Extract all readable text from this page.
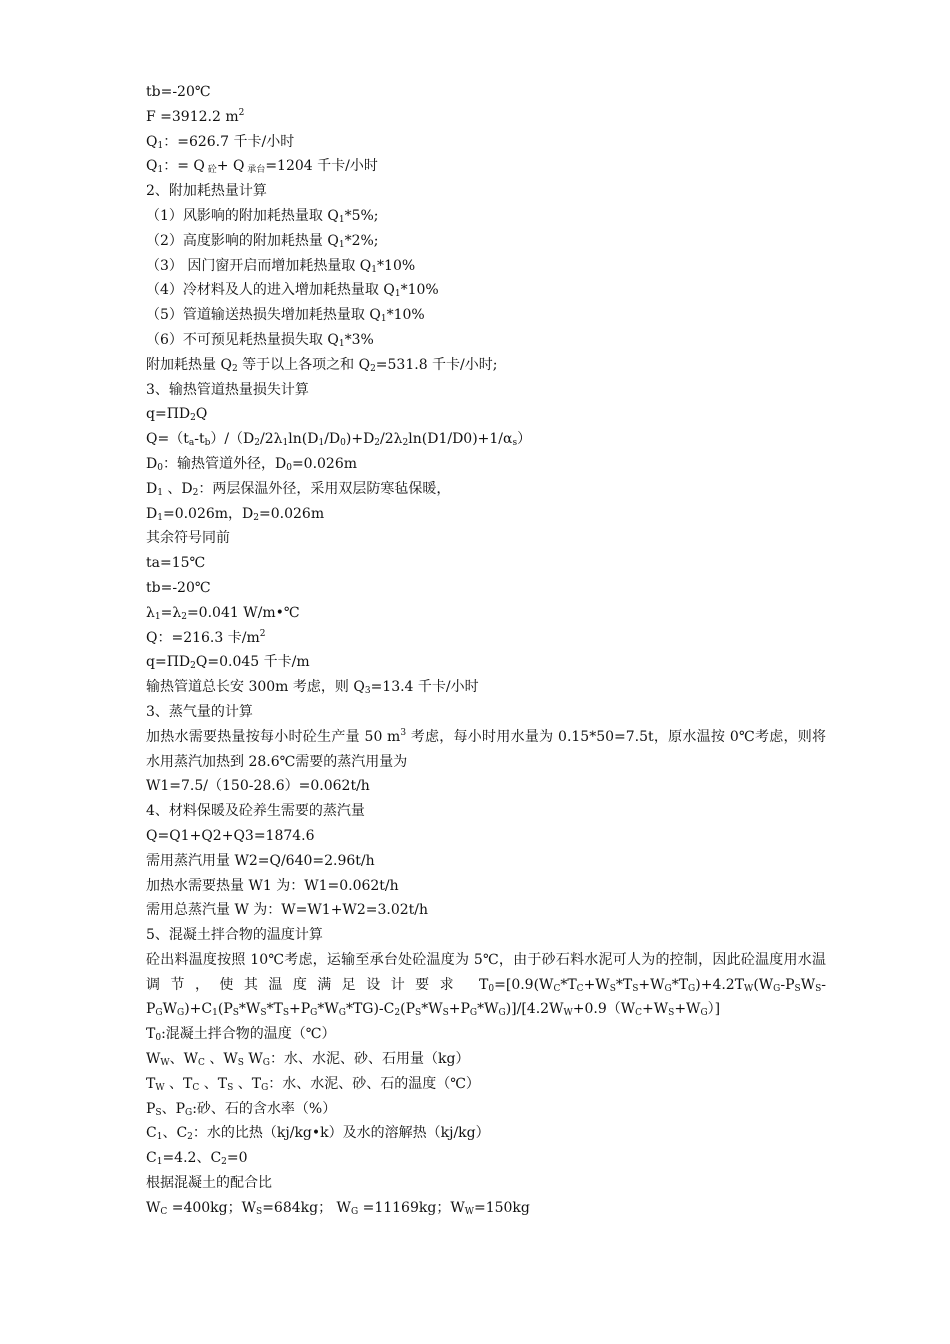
tb=-20℃
F =3912.2 $m^2$
$Q_1$：=626.7 千卡/小时
$Q_1$：= Q $_砼$+ Q $_{承台}$=1204 千卡/小时
2、附加耗热量计算
（1）风影响的附加耗热量取 $Q_1*5\%$;
（2）高度影响的附加耗热量 $Q_1*2\%$;
（3） 因门窗开启而增加耗热量取 $Q_1*10\%$
（4）冷材料及人的进入增加耗热量取 $Q_1*10\%$
（5）管道输送热损失增加耗热量取 $Q_1*10\%$
（6）不可预见耗热量损失取 $Q_1*3\%$
附加耗热量 $Q_2$ 等于以上各项之和 $Q_2=531.8$ 千卡/小时;
3、输热管道热量损失计算
$q=\Pi D_2Q$
$Q=(t_a-t_b)/(D_2/2\lambda_1\ln(D_1/D_0)+D_2/2\lambda_2\ln(D1/D0)+1/\alpha_s)$
$D_0$：输热管道外径，$D_0=0.026m$
$D_1$ 、$D_2$：两层保温外径，采用双层防寒毡保暖，
$D_1=0.026m$，$D_2=0.026m$
其余符号同前
ta=15℃
tb=-20℃
$\lambda_1=\lambda_2=0.041$ W/m•℃
Q：=216.3 卡$/m^2$
$q=\Pi D_2Q=0.045$ 千卡/m
输热管道总长安 300m 考虑，则 $Q_3=13.4$ 千卡/小时
3、蒸气量的计算
加热水需要热量按每小时砼生产量 50 $m^3$ 考虑，每小时用水量为 0.15*50=7.5t，原水温按 0℃考虑，则将水用蒸汽加热到 28.6℃需要的蒸汽用量为
W1=7.5/（150-28.6）=0.062t/h
4、材料保暖及砼养生需要的蒸汽量
Q=Q1+Q2+Q3=1874.6
需用蒸汽用量 W2=Q/640=2.96t/h
加热水需要热量 W1 为：W1=0.062t/h
需用总蒸汽量 W 为：W=W1+W2=3.02t/h
5、混凝土拌合物的温度计算
砼出料温度按照 10℃考虑，运输至承台处砼温度为 5℃，由于砂石料水泥可人为的控制，因此砼温度用水温调节，使其温度满足设计要求 $T_0=[0.9(W_C*T_C+W_S*T_S+W_G*T_G)+4.2T_W(W_G-P_SW_S-P_GW_G)+C_1(P_S*W_S*T_S+P_G*W_G*TG)-C_2(P_S*W_S+P_G*W_G)]/[4.2W_W+0.9(W_C+W_S+W_G)]$
$T_0$:混凝土拌合物的温度（℃）
$W_W$、$W_C$ 、$W_S$ $W_G$：水、水泥、砂、石用量（kg）
$T_W$ 、$T_C$ 、$T_S$ 、$T_G$：水、水泥、砂、石的温度（℃）
$P_S$、$P_G$:砂、石的含水率（%）
$C_1$、$C_2$：水的比热（kj/kg•k）及水的溶解热（kj/kg）
$C_1=4.2$、$C_2=0$
根据混凝土的配合比
$W_C =400kg$；$W_S=684kg$； $W_G =11169kg$；$W_W=150kg$
